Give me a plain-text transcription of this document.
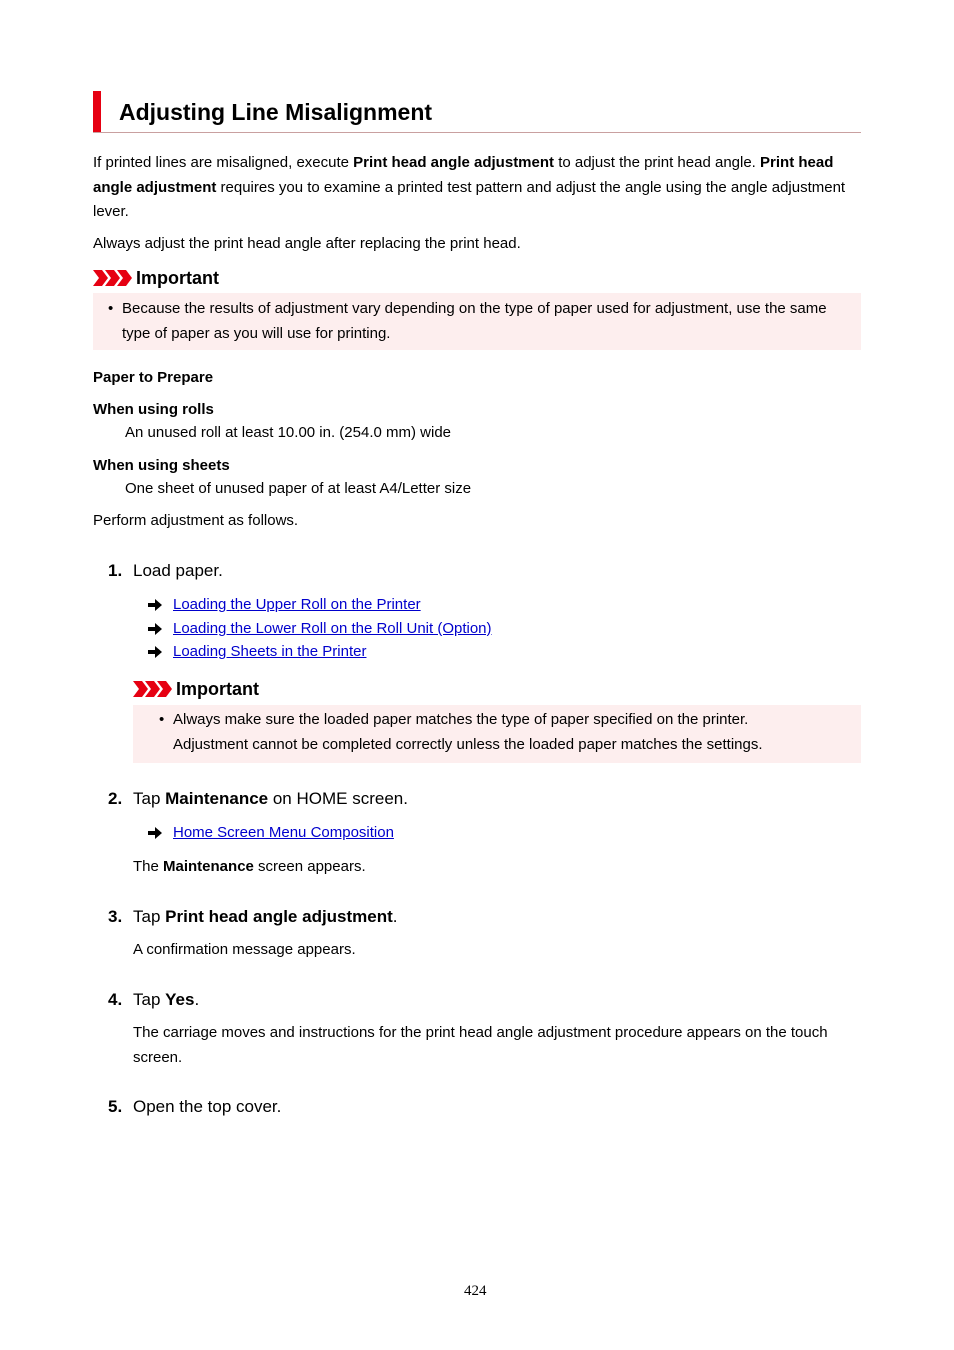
Adjusting Line Misalignment
If printed lines are misaligned, execute Print head angle adjustment to adjust the print head angle. Print head angle adjustment requires you to examine a printed test pattern and adjust the angle using the angle adjustment lever.
Always adjust the print head angle after replacing the print head.
Important
• Because the results of adjustment vary depending on the type of paper used for adjustment, use the same type of paper as you will use for printing.
Paper to Prepare
When using rolls
An unused roll at least 10.00 in. (254.0 mm) wide
When using sheets
One sheet of unused paper of at least A4/Letter size
Perform adjustment as follows.
1. Load paper.
Loading the Upper Roll on the Printer
Loading the Lower Roll on the Roll Unit (Option)
Loading Sheets in the Printer
Important
• Always make sure the loaded paper matches the type of paper specified on the printer. Adjustment cannot be completed correctly unless the loaded paper matches the settings.
2. Tap Maintenance on HOME screen.
Home Screen Menu Composition
The Maintenance screen appears.
3. Tap Print head angle adjustment.
A confirmation message appears.
4. Tap Yes.
The carriage moves and instructions for the print head angle adjustment procedure appears on the touch screen.
5. Open the top cover.
424
